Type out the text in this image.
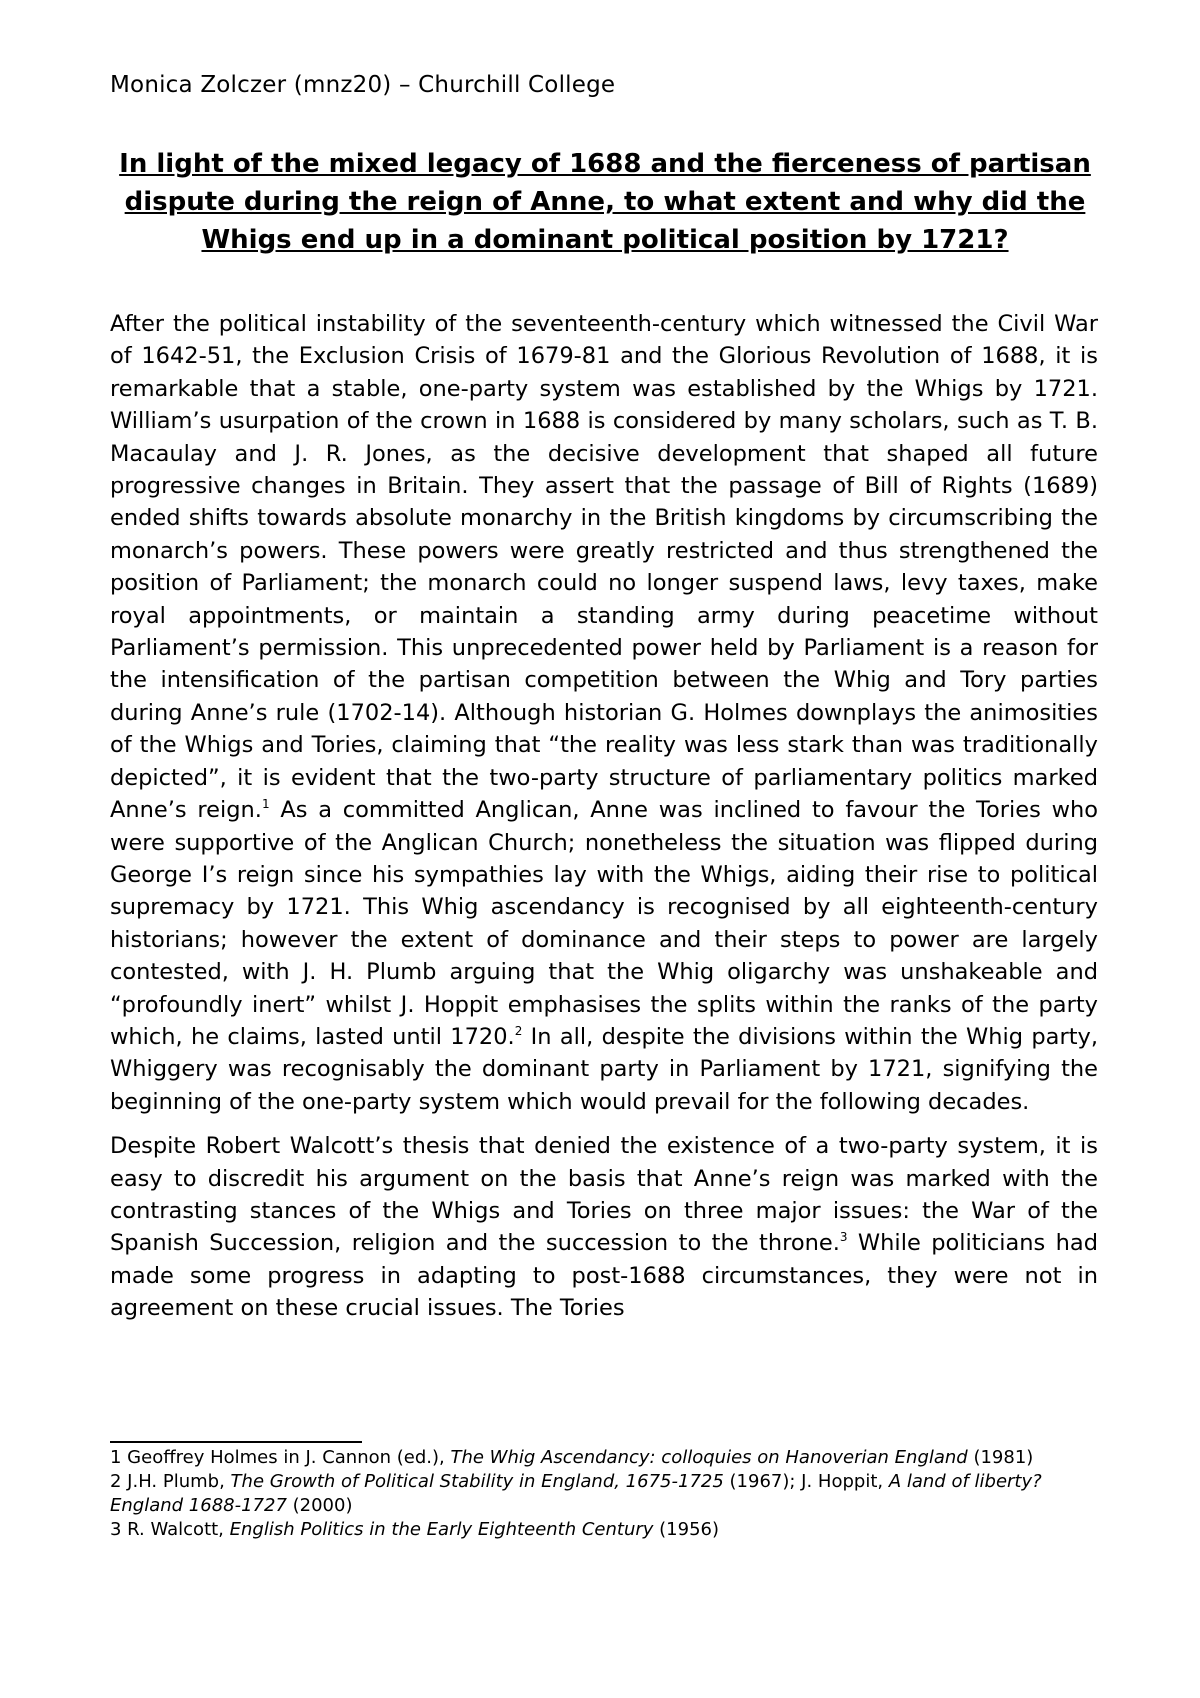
Monica Zolczer (mnz20) – Churchill College
In light of the mixed legacy of 1688 and the fierceness of partisan dispute during the reign of Anne, to what extent and why did the Whigs end up in a dominant political position by 1721?

After the political instability of the seventeenth-century which witnessed the Civil War of 1642-51, the Exclusion Crisis of 1679-81 and the Glorious Revolution of 1688, it is remarkable that a stable, one-party system was established by the Whigs by 1721. William’s usurpation of the crown in 1688 is considered by many scholars, such as T. B. Macaulay and J. R. Jones, as the decisive development that shaped all future progressive changes in Britain. They assert that the passage of Bill of Rights (1689) ended shifts towards absolute monarchy in the British kingdoms by circumscribing the monarch’s powers. These powers were greatly restricted and thus strengthened the position of Parliament; the monarch could no longer suspend laws, levy taxes, make royal appointments, or maintain a standing army during peacetime without Parliament’s permission. This unprecedented power held by Parliament is a reason for the intensification of the partisan competition between the Whig and Tory parties during Anne’s rule (1702-14). Although historian G. Holmes downplays the animosities of the Whigs and Tories, claiming that “the reality was less stark than was traditionally depicted”, it is evident that the two-party structure of parliamentary politics marked Anne’s reign.$^1$ As a committed Anglican, Anne was inclined to favour the Tories who were supportive of the Anglican Church; nonetheless the situation was flipped during George I’s reign since his sympathies lay with the Whigs, aiding their rise to political supremacy by 1721. This Whig ascendancy is recognised by all eighteenth-century historians; however the extent of dominance and their steps to power are largely contested, with J. H. Plumb arguing that the Whig oligarchy was unshakeable and “profoundly inert” whilst J. Hoppit emphasises the splits within the ranks of the party which, he claims, lasted until 1720.$^2$ In all, despite the divisions within the Whig party, Whiggery was recognisably the dominant party in Parliament by 1721, signifying the beginning of the one-party system which would prevail for the following decades.

Despite Robert Walcott’s thesis that denied the existence of a two-party system, it is easy to discredit his argument on the basis that Anne’s reign was marked with the contrasting stances of the Whigs and Tories on three major issues: the War of the Spanish Succession, religion and the succession to the throne.$^3$ While politicians had made some progress in adapting to post-1688 circumstances, they were not in agreement on these crucial issues. The Tories

1 Geoffrey Holmes in J. Cannon (ed.), The Whig Ascendancy: colloquies on Hanoverian England (1981)

2 J.H. Plumb, The Growth of Political Stability in England, 1675-1725 (1967); J. Hoppit, A land of liberty? England 1688-1727 (2000)

3 R. Walcott, English Politics in the Early Eighteenth Century (1956)
